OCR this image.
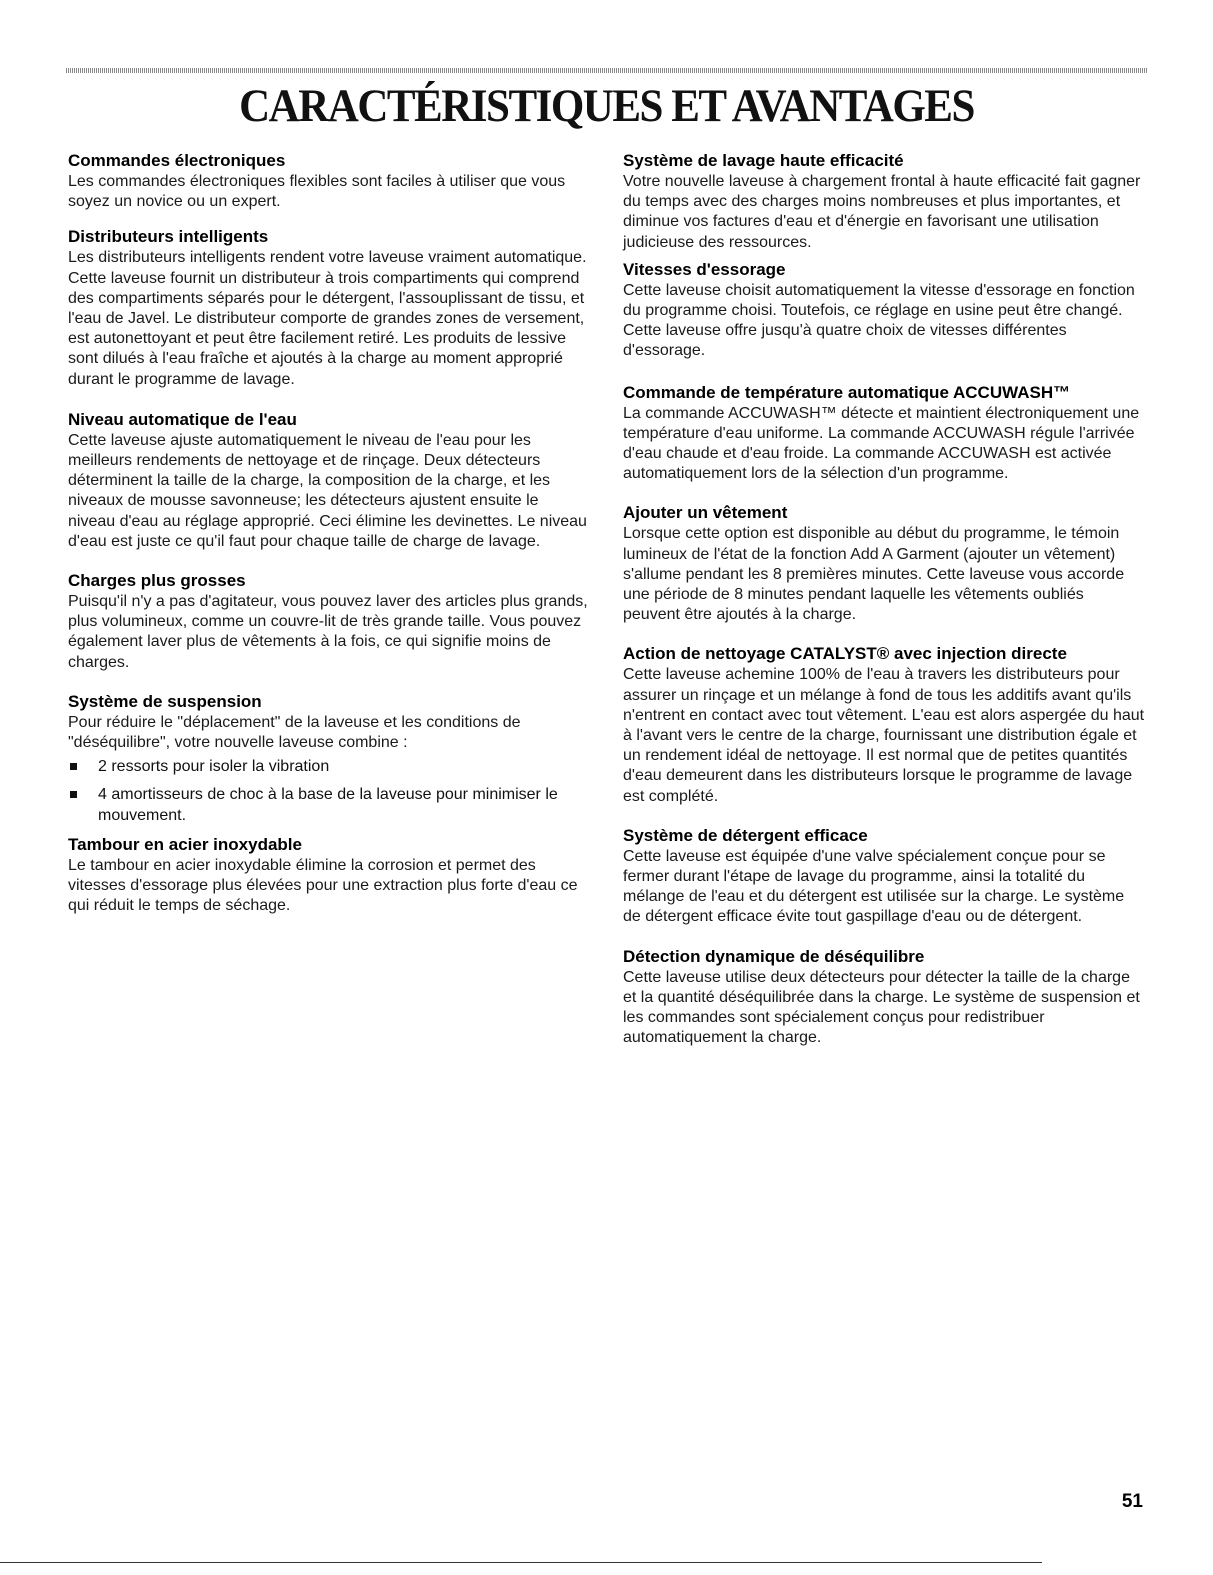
CARACTÉRISTIQUES ET AVANTAGES
Commandes électroniques

Les commandes électroniques flexibles sont faciles à utiliser que vous soyez un novice ou un expert.

Distributeurs intelligents

Les distributeurs intelligents rendent votre laveuse vraiment automatique. Cette laveuse fournit un distributeur à trois compartiments qui comprend des compartiments séparés pour le détergent, l'assouplissant de tissu, et l'eau de Javel. Le distributeur comporte de grandes zones de versement, est autonettoyant et peut être facilement retiré. Les produits de lessive sont dilués à l'eau fraîche et ajoutés à la charge au moment approprié durant le programme de lavage.

Niveau automatique de l'eau

Cette laveuse ajuste automatiquement le niveau de l'eau pour les meilleurs rendements de nettoyage et de rinçage. Deux détecteurs déterminent la taille de la charge, la composition de la charge, et les niveaux de mousse savonneuse; les détecteurs ajustent ensuite le niveau d'eau au réglage approprié. Ceci élimine les devinettes. Le niveau d'eau est juste ce qu'il faut pour chaque taille de charge de lavage.

Charges plus grosses

Puisqu'il n'y a pas d'agitateur, vous pouvez laver des articles plus grands, plus volumineux, comme un couvre-lit de très grande taille. Vous pouvez également laver plus de vêtements à la fois, ce qui signifie moins de charges.

Système de suspension

Pour réduire le "déplacement" de la laveuse et les conditions de "déséquilibre", votre nouvelle laveuse combine :

2 ressorts pour isoler la vibration
4 amortisseurs de choc à la base de la laveuse pour minimiser le mouvement.
Tambour en acier inoxydable

Le tambour en acier inoxydable élimine la corrosion et permet des vitesses d'essorage plus élevées pour une extraction plus forte d'eau ce qui réduit le temps de séchage.

Système de lavage haute efficacité

Votre nouvelle laveuse à chargement frontal à haute efficacité fait gagner du temps avec des charges moins nombreuses et plus importantes, et diminue vos factures d'eau et d'énergie en favorisant une utilisation judicieuse des ressources.

Vitesses d'essorage

Cette laveuse choisit automatiquement la vitesse d'essorage en fonction du programme choisi. Toutefois, ce réglage en usine peut être changé. Cette laveuse offre jusqu'à quatre choix de vitesses différentes d'essorage.

Commande de température automatique ACCUWASH™

La commande ACCUWASH™ détecte et maintient électroniquement une température d'eau uniforme. La commande ACCUWASH régule l'arrivée d'eau chaude et d'eau froide. La commande ACCUWASH est activée automatiquement lors de la sélection d'un programme.

Ajouter un vêtement

Lorsque cette option est disponible au début du programme, le témoin lumineux de l'état de la fonction Add A Garment (ajouter un vêtement) s'allume pendant les 8 premières minutes. Cette laveuse vous accorde une période de 8 minutes pendant laquelle les vêtements oubliés peuvent être ajoutés à la charge.

Action de nettoyage CATALYST® avec injection directe

Cette laveuse achemine 100% de l'eau à travers les distributeurs pour assurer un rinçage et un mélange à fond de tous les additifs avant qu'ils n'entrent en contact avec tout vêtement. L'eau est alors aspergée du haut à l'avant vers le centre de la charge, fournissant une distribution égale et un rendement idéal de nettoyage. Il est normal que de petites quantités d'eau demeurent dans les distributeurs lorsque le programme de lavage est complété.

Système de détergent efficace

Cette laveuse est équipée d'une valve spécialement conçue pour se fermer durant l'étape de lavage du programme, ainsi la totalité du mélange de l'eau et du détergent est utilisée sur la charge. Le système de détergent efficace évite tout gaspillage d'eau ou de détergent.

Détection dynamique de déséquilibre

Cette laveuse utilise deux détecteurs pour détecter la taille de la charge et la quantité déséquilibrée dans la charge. Le système de suspension et les commandes sont spécialement conçus pour redistribuer automatiquement la charge.

51
